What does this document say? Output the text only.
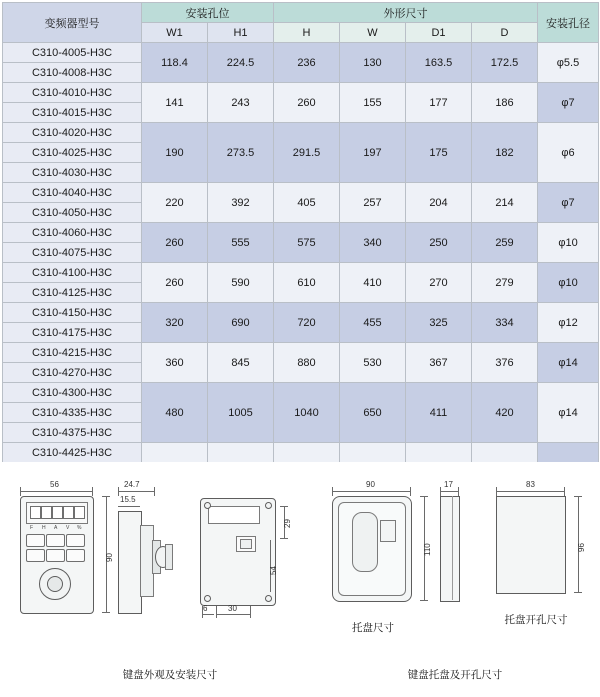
变频器型号	安装孔位		外形尺寸				安装孔径
	W1	H1	H	W	D1	D	
C310-4005-H3C	118.4	224.5	236	130	163.5	172.5	φ5.5
C310-4008-H3C							
C310-4010-H3C	141	243	260	155	177	186	φ7
C310-4015-H3C							
C310-4020-H3C	190	273.5	291.5	197	175	182	φ6
C310-4025-H3C							
C310-4030-H3C							
C310-4040-H3C	220	392	405	257	204	214	φ7
C310-4050-H3C							
C310-4060-H3C	260	555	575	340	250	259	φ10
C310-4075-H3C							
C310-4100-H3C	260	590	610	410	270	279	φ10
C310-4125-H3C							
C310-4150-H3C	320	690	720	455	325	334	φ12
C310-4175-H3C							
C310-4215-H3C	360	845	880	530	367	376	φ14
C310-4270-H3C							
C310-4300-H3C	480	1005	1040	650	411	420	φ14
C310-4335-H3C							
C310-4375-H3C							
C310-4425-H3C							

56
F H A V %
90
24.7
15.5
29
54
6	30
90
110
托盘尺寸
17	83
96
托盘开孔尺寸
键盘外观及安装尺寸	键盘托盘及开孔尺寸
